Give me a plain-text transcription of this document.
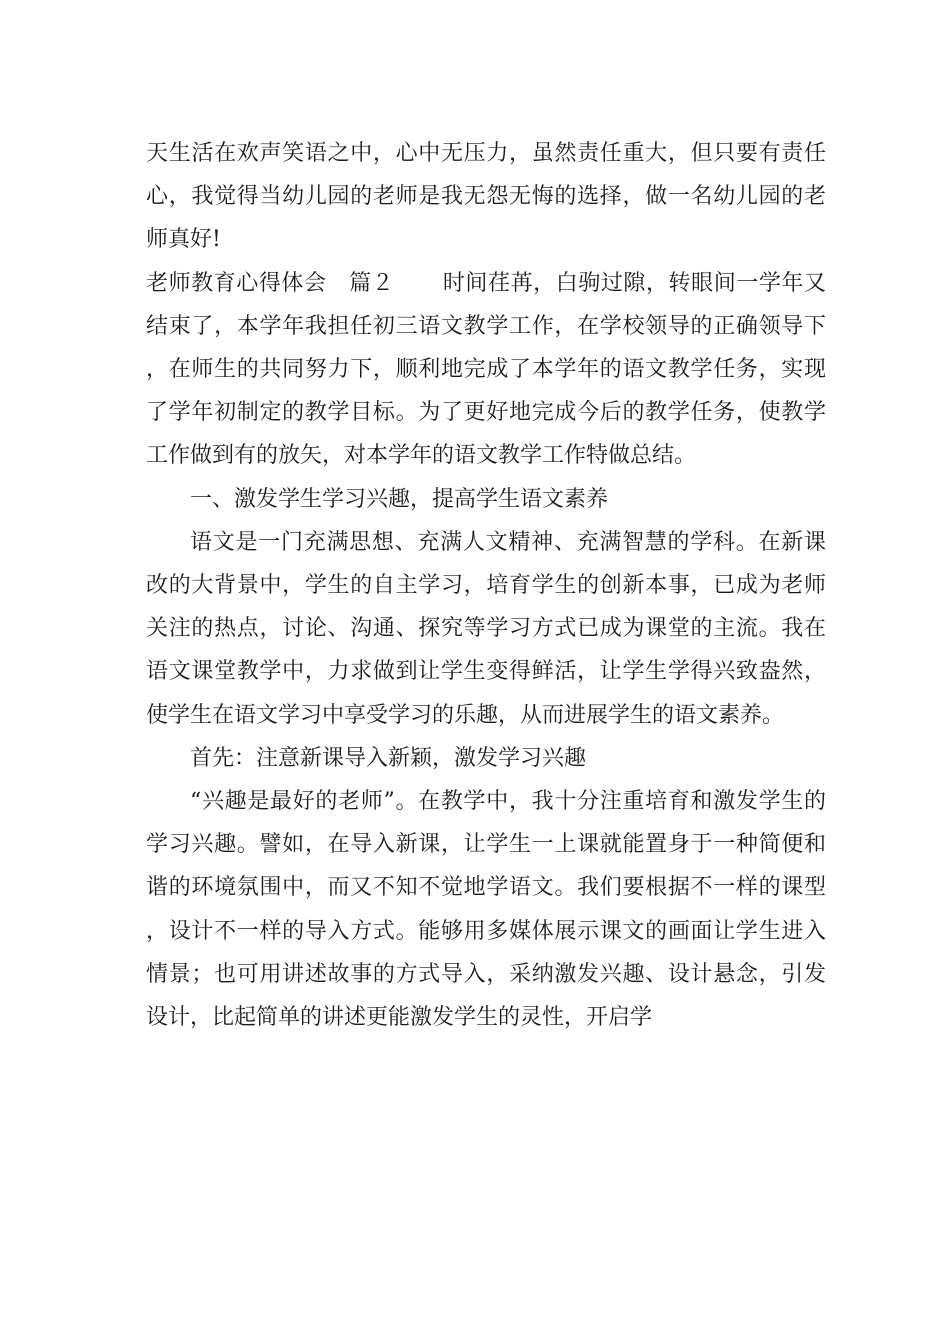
天生活在欢声笑语之中，心中无压力，虽然责任重大，但只要有责任心，我觉得当幼儿园的老师是我无怨无悔的选择，做一名幼儿园的老师真好!

老师教育心得体会　篇２ 时间荏苒，白驹过隙，转眼间一学年又结束了，本学年我担任初三语文教学工作，在学校领导的正确领导下，在师生的共同努力下，顺利地完成了本学年的语文教学任务，实现了学年初制定的教学目标。为了更好地完成今后的教学任务，使教学工作做到有的放矢，对本学年的语文教学工作特做总结。

一、激发学生学习兴趣，提高学生语文素养

语文是一门充满思想、充满人文精神、充满智慧的学科。在新课改的大背景中，学生的自主学习，培育学生的创新本事，已成为老师关注的热点，讨论、沟通、探究等学习方式已成为课堂的主流。我在语文课堂教学中，力求做到让学生变得鲜活，让学生学得兴致盎然，使学生在语文学习中享受学习的乐趣，从而进展学生的语文素养。

首先：注意新课导入新颖，激发学习兴趣

“兴趣是最好的老师”。在教学中，我十分注重培育和激发学生的学习兴趣。譬如，在导入新课，让学生一上课就能置身于一种简便和谐的环境氛围中，而又不知不觉地学语文。我们要根据不一样的课型，设计不一样的导入方式。能够用多媒体展示课文的画面让学生进入情景；也可用讲述故事的方式导入，采纳激发兴趣、设计悬念，引发设计，比起简单的讲述更能激发学生的灵性，开启学
